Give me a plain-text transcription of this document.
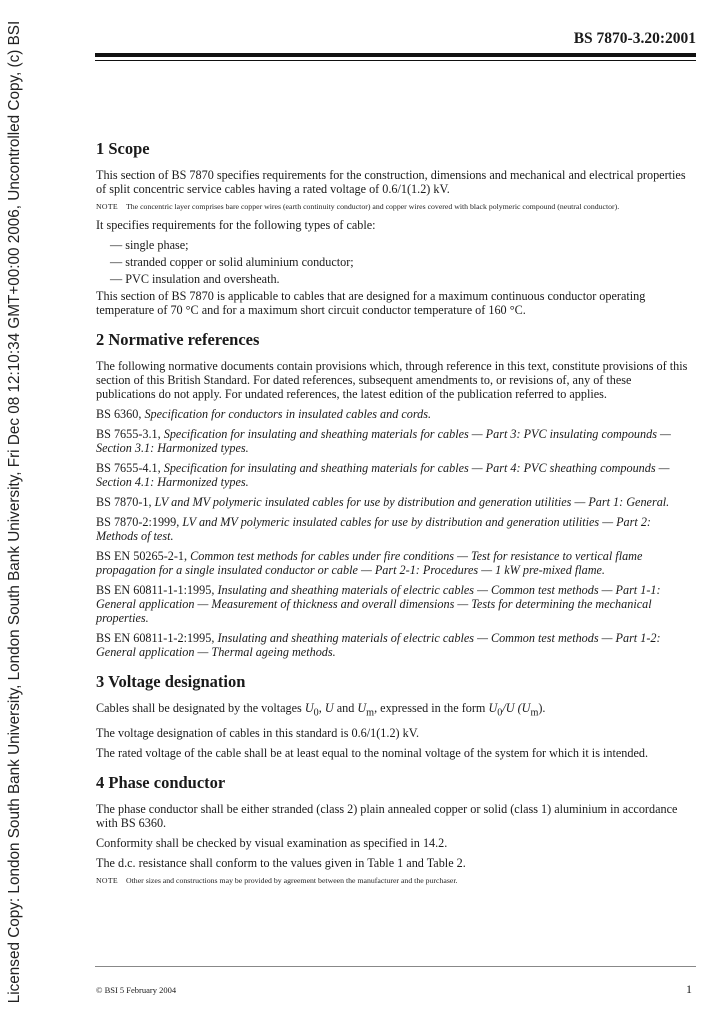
Licensed Copy: London South Bank University, London South Bank University, Fri Dec 08 12:10:34 GMT+00:00 2006, Uncontrolled Copy, (c) BSI	BS 7870-3.20:2001
1 Scope

This section of BS 7870 specifies requirements for the construction, dimensions and mechanical and electrical properties of split concentric service cables having a rated voltage of 0.6/1(1.2) kV.

NOTE The concentric layer comprises bare copper wires (earth continuity conductor) and copper wires covered with black polymeric compound (neutral conductor).

It specifies requirements for the following types of cable:

— single phase;
— stranded copper or solid aluminium conductor;
— PVC insulation and oversheath.

This section of BS 7870 is applicable to cables that are designed for a maximum continuous conductor operating temperature of 70 °C and for a maximum short circuit conductor temperature of 160 °C.

2 Normative references

The following normative documents contain provisions which, through reference in this text, constitute provisions of this section of this British Standard. For dated references, subsequent amendments to, or revisions of, any of these publications do not apply. For undated references, the latest edition of the publication referred to applies.

BS 6360, Specification for conductors in insulated cables and cords.
BS 7655-3.1, Specification for insulating and sheathing materials for cables — Part 3: PVC insulating compounds — Section 3.1: Harmonized types.
BS 7655-4.1, Specification for insulating and sheathing materials for cables — Part 4: PVC sheathing compounds — Section 4.1: Harmonized types.
BS 7870-1, LV and MV polymeric insulated cables for use by distribution and generation utilities — Part 1: General.
BS 7870-2:1999, LV and MV polymeric insulated cables for use by distribution and generation utilities — Part 2: Methods of test.
BS EN 50265-2-1, Common test methods for cables under fire conditions — Test for resistance to vertical flame propagation for a single insulated conductor or cable — Part 2-1: Procedures — 1 kW pre-mixed flame.
BS EN 60811-1-1:1995, Insulating and sheathing materials of electric cables — Common test methods — Part 1-1: General application — Measurement of thickness and overall dimensions — Tests for determining the mechanical properties.
BS EN 60811-1-2:1995, Insulating and sheathing materials of electric cables — Common test methods — Part 1-2: General application — Thermal ageing methods.
3 Voltage designation

Cables shall be designated by the voltages $U_0$, U and $U_m$, expressed in the form $U_0/U$ $(U_m)$.

The voltage designation of cables in this standard is 0.6/1(1.2) kV.

The rated voltage of the cable shall be at least equal to the nominal voltage of the system for which it is intended.

4 Phase conductor

The phase conductor shall be either stranded (class 2) plain annealed copper or solid (class 1) aluminium in accordance with BS 6360.

Conformity shall be checked by visual examination as specified in 14.2.

The d.c. resistance shall conform to the values given in Table 1 and Table 2.

NOTE Other sizes and constructions may be provided by agreement between the manufacturer and the purchaser.
© BSI 5 February 2004	1
